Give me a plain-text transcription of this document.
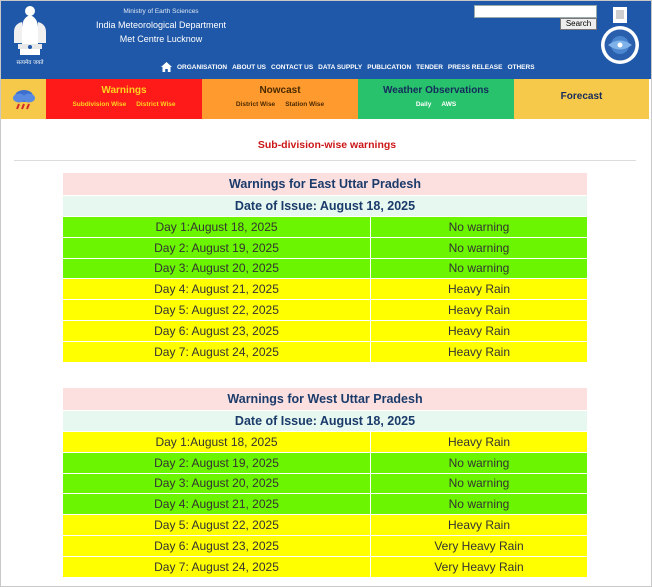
सत्यमेव जयते
Ministry of Earth Sciences
India Meteorological Department
Met Centre Lucknow
Search
ORGANISATION ABOUT US CONTACT US DATA SUPPLY PUBLICATION TENDER PRESS RELEASE OTHERS
Warnings
Subdivision Wise District Wise
Nowcast
District Wise Station Wise
Weather Observations
Daily AWS
Forecast
Sub-division-wise warnings
Warnings for East Uttar Pradesh	
Date of Issue: August 18, 2025	
Day 1:August 18, 2025	No warning
Day 2: August 19, 2025	No warning
Day 3: August 20, 2025	No warning
Day 4: August 21, 2025	Heavy Rain
Day 5: August 22, 2025	Heavy Rain
Day 6: August 23, 2025	Heavy Rain
Day 7: August 24, 2025	Heavy Rain
Warnings for West Uttar Pradesh	
Date of Issue: August 18, 2025	
Day 1:August 18, 2025	Heavy Rain
Day 2: August 19, 2025	No warning
Day 3: August 20, 2025	No warning
Day 4: August 21, 2025	No warning
Day 5: August 22, 2025	Heavy Rain
Day 6: August 23, 2025	Very Heavy Rain
Day 7: August 24, 2025	Very Heavy Rain
